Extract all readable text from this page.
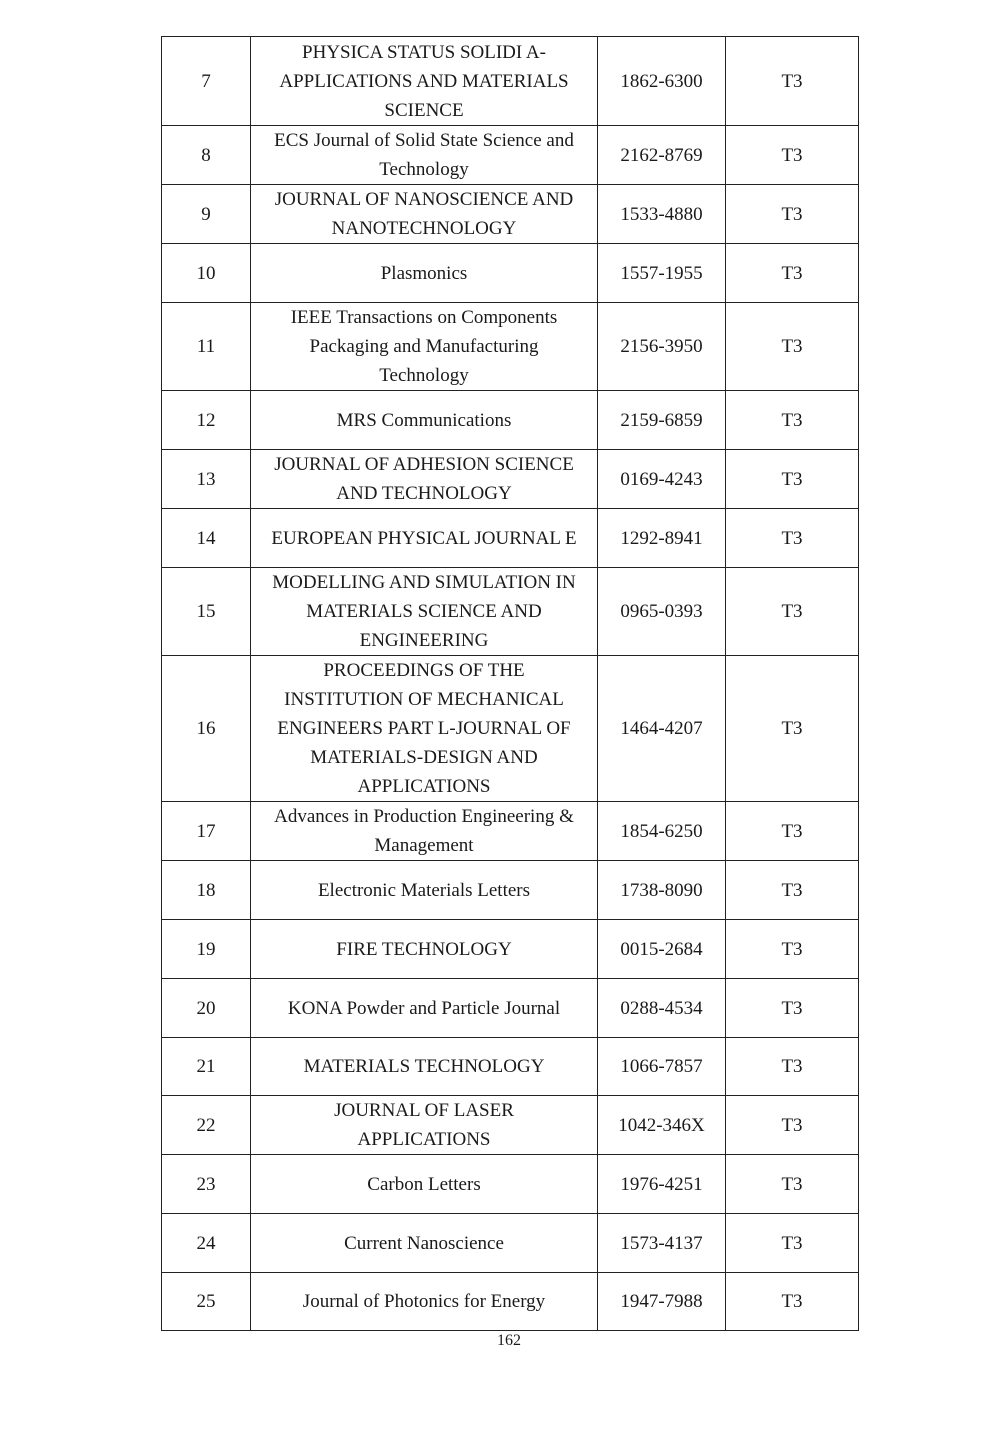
7	PHYSICA STATUS SOLIDI A-APPLICATIONS AND MATERIALS SCIENCE	1862-6300	T3
8	ECS Journal of Solid State Science and Technology	2162-8769	T3
9	JOURNAL OF NANOSCIENCE AND NANOTECHNOLOGY	1533-4880	T3
10	Plasmonics	1557-1955	T3
11	IEEE Transactions on Components Packaging and Manufacturing Technology	2156-3950	T3
12	MRS Communications	2159-6859	T3
13	JOURNAL OF ADHESION SCIENCE AND TECHNOLOGY	0169-4243	T3
14	EUROPEAN PHYSICAL JOURNAL E	1292-8941	T3
15	MODELLING AND SIMULATION IN MATERIALS SCIENCE AND ENGINEERING	0965-0393	T3
16	PROCEEDINGS OF THE INSTITUTION OF MECHANICAL ENGINEERS PART L-JOURNAL OF MATERIALS-DESIGN AND APPLICATIONS	1464-4207	T3
17	Advances in Production Engineering & Management	1854-6250	T3
18	Electronic Materials Letters	1738-8090	T3
19	FIRE TECHNOLOGY	0015-2684	T3
20	KONA Powder and Particle Journal	0288-4534	T3
21	MATERIALS TECHNOLOGY	1066-7857	T3
22	JOURNAL OF LASER APPLICATIONS	1042-346X	T3
23	Carbon Letters	1976-4251	T3
24	Current Nanoscience	1573-4137	T3
25	Journal of Photonics for Energy	1947-7988	T3
162
